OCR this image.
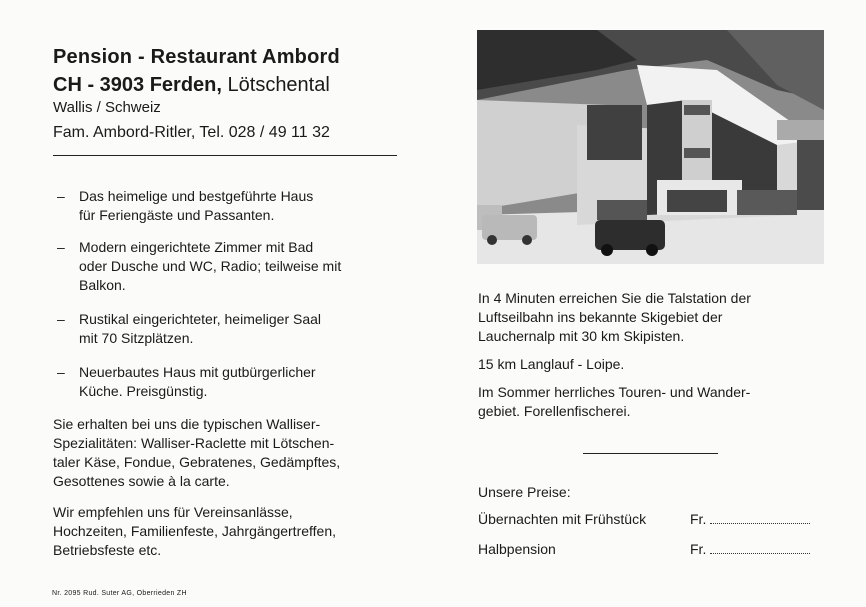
Pension - Restaurant Ambord
CH - 3903 Ferden, Lötschental
Wallis / Schweiz
Fam. Ambord-Ritler, Tel. 028 / 49 11 32
– Das heimelige und bestgeführte Haus
für Feriengäste und Passanten.
– Modern eingerichtete Zimmer mit Bad
oder Dusche und WC, Radio; teilweise mit
Balkon.
– Rustikal eingerichteter, heimeliger Saal
mit 70 Sitzplätzen.
– Neuerbautes Haus mit gutbürgerlicher
Küche. Preisgünstig.
Sie erhalten bei uns die typischen Walliser-
Spezialitäten: Walliser-Raclette mit Lötschen-
taler Käse, Fondue, Gebratenes, Gedämpftes,
Gesottenes sowie à la carte.
Wir empfehlen uns für Vereinsanlässe,
Hochzeiten, Familienfeste, Jahrgängertreffen,
Betriebsfeste etc.
In 4 Minuten erreichen Sie die Talstation der
Luftseilbahn ins bekannte Skigebiet der
Lauchernalp mit 30 km Skipisten.
15 km Langlauf - Loipe.
Im Sommer herrliches Touren- und Wander-
gebiet. Forellenfischerei.
Unsere Preise:
Übernachten mit Frühstück	Fr.
Halbpension	Fr.
Nr. 2095 Rud. Suter AG, Oberrieden ZH
